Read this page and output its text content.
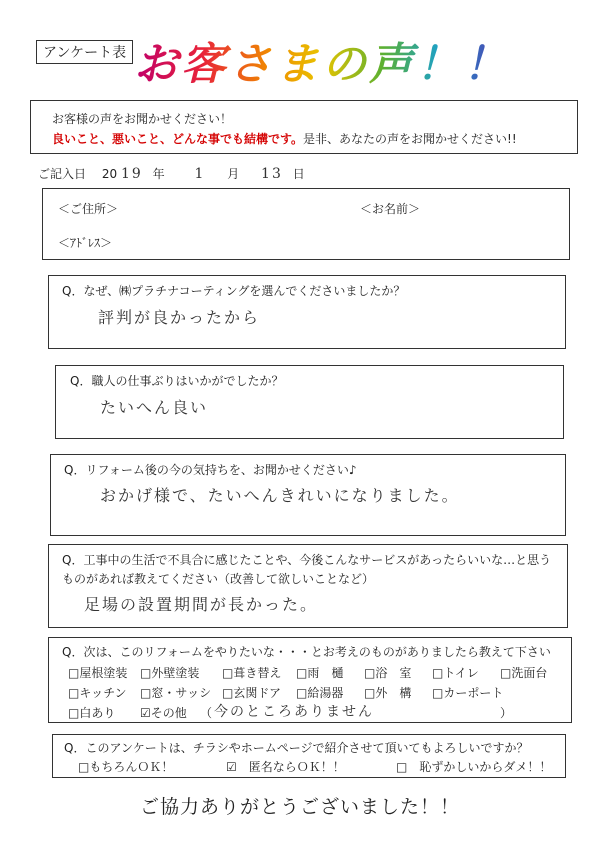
アンケート表 お客さまの声！！
お客様の声をお聞かせください！
良いこと、悪いこと、どんな事でも結構です。是非、あなたの声をお聞かせください!!
ご記入日 20 19 年 1 月 13 日
＜ご住所＞	＜お名前＞
＜ｱﾄﾞﾚｽ＞
Q．なぜ、㈱プラチナコーティングを選んでくださいましたか？
評判が良かったから
Q．職人の仕事ぶりはいかがでしたか？
たいへん良い
Q．リフォーム後の今の気持ちを、お聞かせください♪
おかげ様で、たいへんきれいになりました。
Q．工事中の生活で不具合に感じたことや、今後こんなサービスがあったらいいな…と思う
ものがあれば教えてください（改善して欲しいことなど）
足場の設置期間が長かった。
Q．次は、このリフォームをやりたいな・・・とお考えのものがありましたら教えて下さい
□屋根塗装 □外壁塗装 □葺き替え □雨　樋 □浴　室 □トイレ □洗面台
□キッチン □窓・サッシ □玄関ドア □給湯器 □外　構 □カーポート
□白あり ☑その他 （ 今のところありません	）
Q．このアンケートは、チラシやホームページで紹介させて頂いてもよろしいですか？
□もちろんＯＫ！	☑　匿名ならＯＫ！！	□　恥ずかしいからダメ！！
ご協力ありがとうございました！！
